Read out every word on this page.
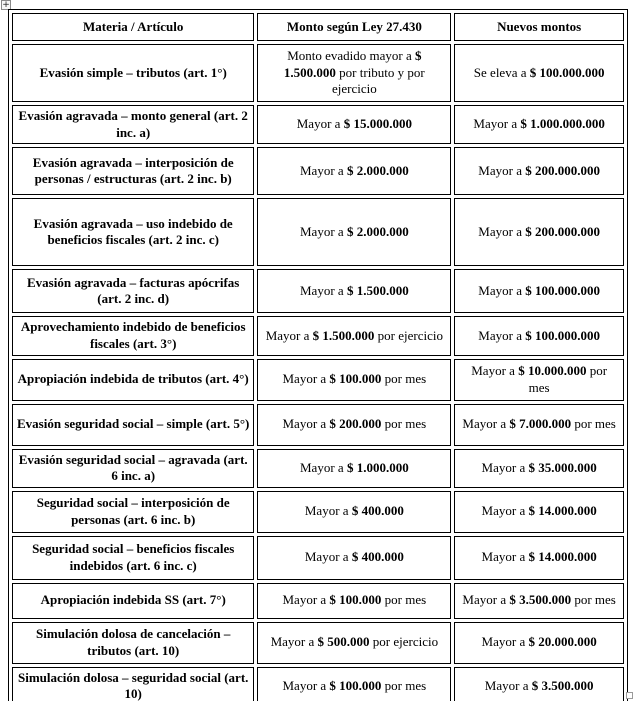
+
Materia / Artículo	Monto según Ley 27.430	Nuevos montos
Evasión simple – tributos (art. 1°)	Monto evadido mayor a $ 1.500.000 por tributo y por ejercicio	Se eleva a $ 100.000.000
Evasión agravada – monto general (art. 2 inc. a)	Mayor a $ 15.000.000	Mayor a $ 1.000.000.000
Evasión agravada – interposición de personas / estructuras (art. 2 inc. b)	Mayor a $ 2.000.000	Mayor a $ 200.000.000
Evasión agravada – uso indebido de beneficios fiscales (art. 2 inc. c)	Mayor a $ 2.000.000	Mayor a $ 200.000.000
Evasión agravada – facturas apócrifas (art. 2 inc. d)	Mayor a $ 1.500.000	Mayor a $ 100.000.000
Aprovechamiento indebido de beneficios fiscales (art. 3°)	Mayor a $ 1.500.000 por ejercicio	Mayor a $ 100.000.000
Apropiación indebida de tributos (art. 4°)	Mayor a $ 100.000 por mes	Mayor a $ 10.000.000 por mes
Evasión seguridad social – simple (art. 5°)	Mayor a $ 200.000 por mes	Mayor a $ 7.000.000 por mes
Evasión seguridad social – agravada (art. 6 inc. a)	Mayor a $ 1.000.000	Mayor a $ 35.000.000
Seguridad social – interposición de personas (art. 6 inc. b)	Mayor a $ 400.000	Mayor a $ 14.000.000
Seguridad social – beneficios fiscales indebidos (art. 6 inc. c)	Mayor a $ 400.000	Mayor a $ 14.000.000
Apropiación indebida SS (art. 7°)	Mayor a $ 100.000 por mes	Mayor a $ 3.500.000 por mes
Simulación dolosa de cancelación – tributos (art. 10)	Mayor a $ 500.000 por ejercicio	Mayor a $ 20.000.000
Simulación dolosa – seguridad social (art. 10)	Mayor a $ 100.000 por mes	Mayor a $ 3.500.000
